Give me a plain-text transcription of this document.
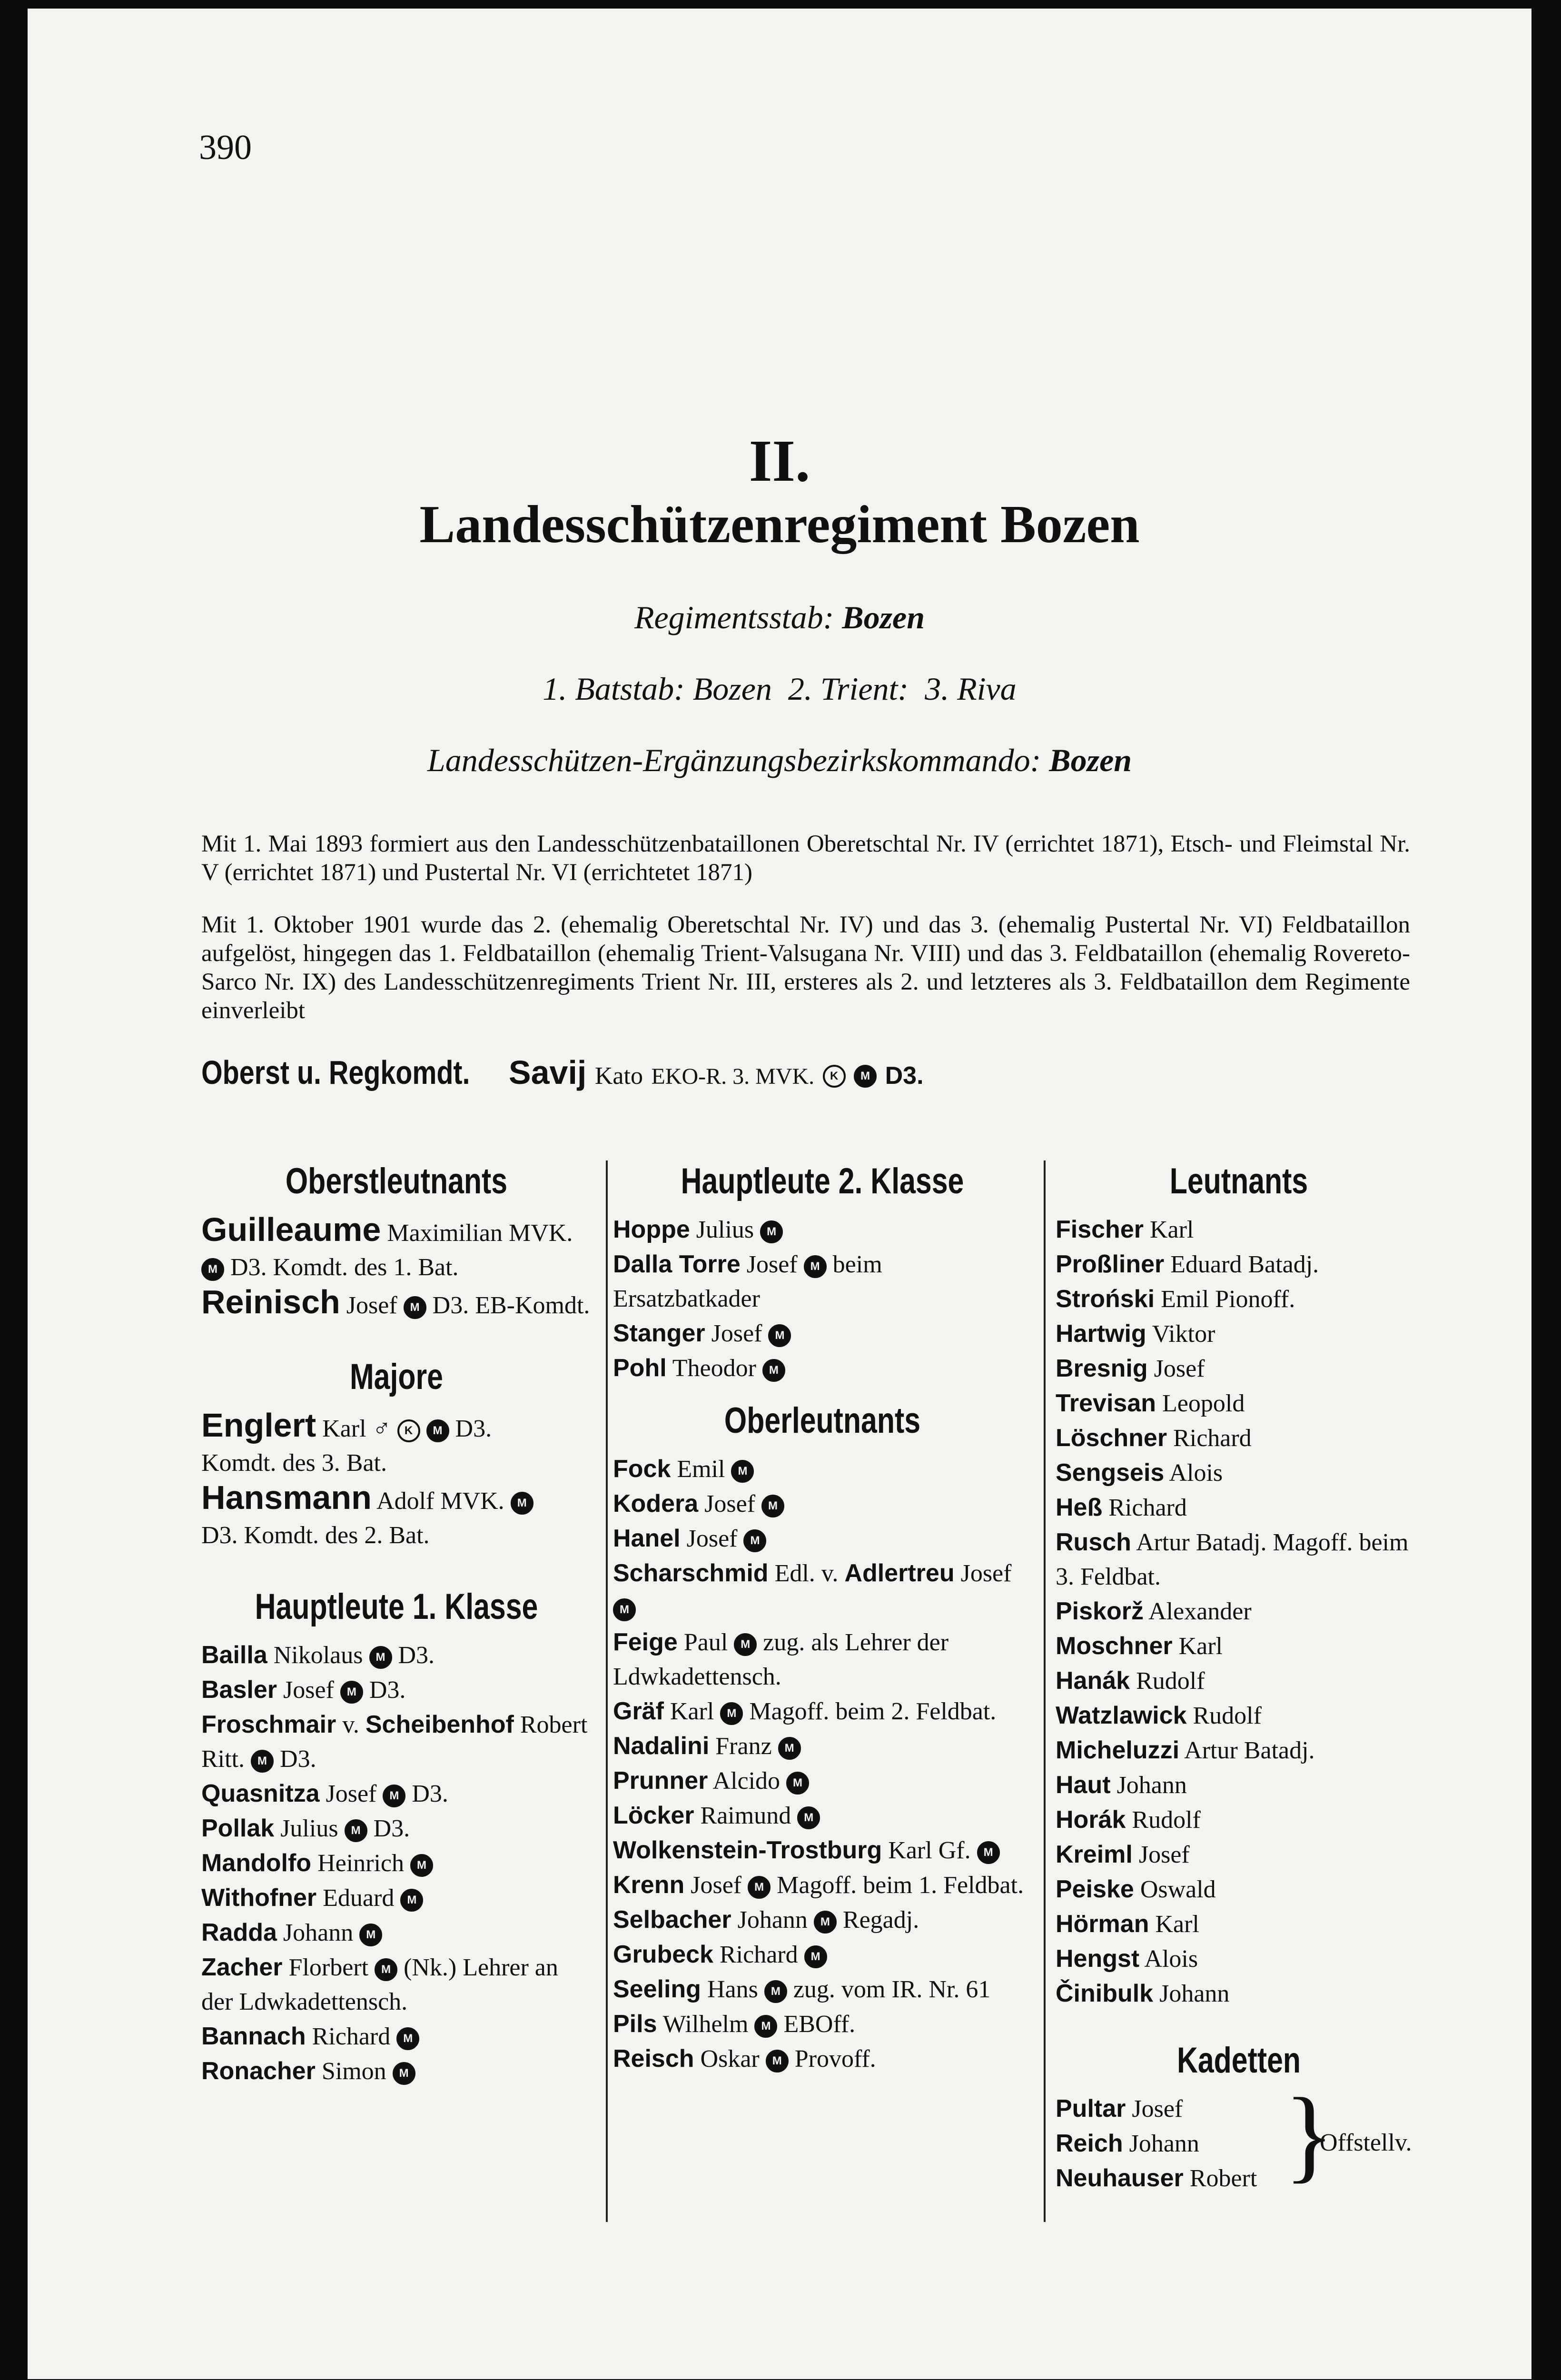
390
II.
Landesschützenregiment Bozen
Regimentsstab: Bozen
1. Batstab: Bozen 2. Trient: 3. Riva
Landesschützen-Ergänzungsbezirkskommando: Bozen
Mit 1. Mai 1893 formiert aus den Landesschützenbataillonen Oberetschtal Nr. IV (errichtet 1871), Etsch- und Fleimstal Nr. V (errichtet 1871) und Pustertal Nr. VI (errichtetet 1871)
Mit 1. Oktober 1901 wurde das 2. (ehemalig Oberetschtal Nr. IV) und das 3. (ehemalig Pustertal Nr. VI) Feldbataillon aufgelöst, hingegen das 1. Feldbataillon (ehemalig Trient-Valsugana Nr. VIII) und das 3. Feldbataillon (ehemalig Rovereto-Sarco Nr. IX) des Landesschützenregiments Trient Nr. III, ersteres als 2. und letzteres als 3. Feldbataillon dem Regimente einverleibt
Oberst u. Regkomdt. Savij Kato EKO-R. 3. MVK. K M D3.
Oberstleutnants
Guilleaume Maximilian MVK.
M D3. Komdt. des 1. Bat.
Reinisch Josef M D3. EB-Komdt.
Majore
Englert Karl ♂ K M D3.
Komdt. des 3. Bat.
Hansmann Adolf MVK. M
D3. Komdt. des 2. Bat.
Hauptleute 1. Klasse
Bailla Nikolaus M D3.
Basler Josef M D3.
Froschmair v. Scheibenhof Robert Ritt. M D3.
Quasnitza Josef M D3.
Pollak Julius M D3.
Mandolfo Heinrich M
Withofner Eduard M
Radda Johann M
Zacher Florbert M (Nk.) Lehrer an der Ldwkadettensch.
Bannach Richard M
Ronacher Simon M
Hauptleute 2. Klasse
Hoppe Julius M
Dalla Torre Josef M beim Ersatzbatkader
Stanger Josef M
Pohl Theodor M
Oberleutnants
Fock Emil M
Kodera Josef M
Hanel Josef M
Scharschmid Edl. v. Adlertreu Josef M
Feige Paul M zug. als Lehrer der Ldwkadettensch.
Gräf Karl M Magoff. beim 2. Feldbat.
Nadalini Franz M
Prunner Alcido M
Löcker Raimund M
Wolkenstein-Trostburg Karl Gf. M
Krenn Josef M Magoff. beim 1. Feldbat.
Selbacher Johann M Regadj.
Grubeck Richard M
Seeling Hans M zug. vom IR. Nr. 61
Pils Wilhelm M EBOff.
Reisch Oskar M Provoff.
Leutnants
Fischer Karl
Proßliner Eduard Batadj.
Stroński Emil Pionoff.
Hartwig Viktor
Bresnig Josef
Trevisan Leopold
Löschner Richard
Sengseis Alois
Heß Richard
Rusch Artur Batadj. Magoff. beim 3. Feldbat.
Piskorž Alexander
Moschner Karl
Hanák Rudolf
Watzlawick Rudolf
Micheluzzi Artur Batadj.
Haut Johann
Horák Rudolf
Kreiml Josef
Peiske Oswald
Hörman Karl
Hengst Alois
Činibulk Johann
Kadetten
Pultar Josef
Reich Johann
Neuhauser Robert }
Offstellv.
